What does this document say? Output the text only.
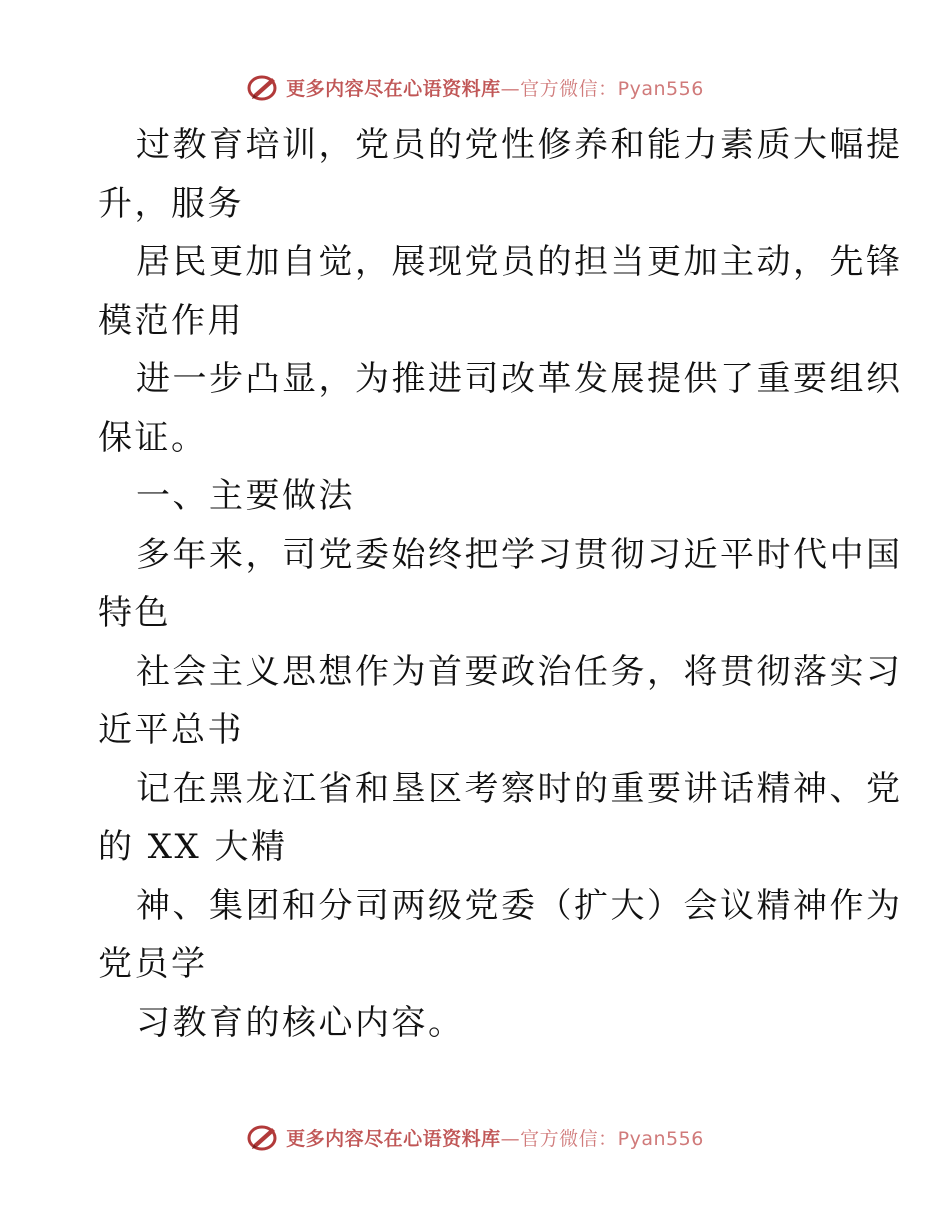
更多内容尽在心语资料库—官方微信：Pyan556
过教育培训，党员的党性修养和能力素质大幅提
升，服务
居民更加自觉，展现党员的担当更加主动，先锋
模范作用
进一步凸显，为推进司改革发展提供了重要组织
保证。
一、主要做法
多年来，司党委始终把学习贯彻习近平时代中国
特色
社会主义思想作为首要政治任务，将贯彻落实习
近平总书
记在黑龙江省和垦区考察时的重要讲话精神、党
的 XX 大精
神、集团和分司两级党委（扩大）会议精神作为
党员学
习教育的核心内容。
更多内容尽在心语资料库—官方微信：Pyan556
